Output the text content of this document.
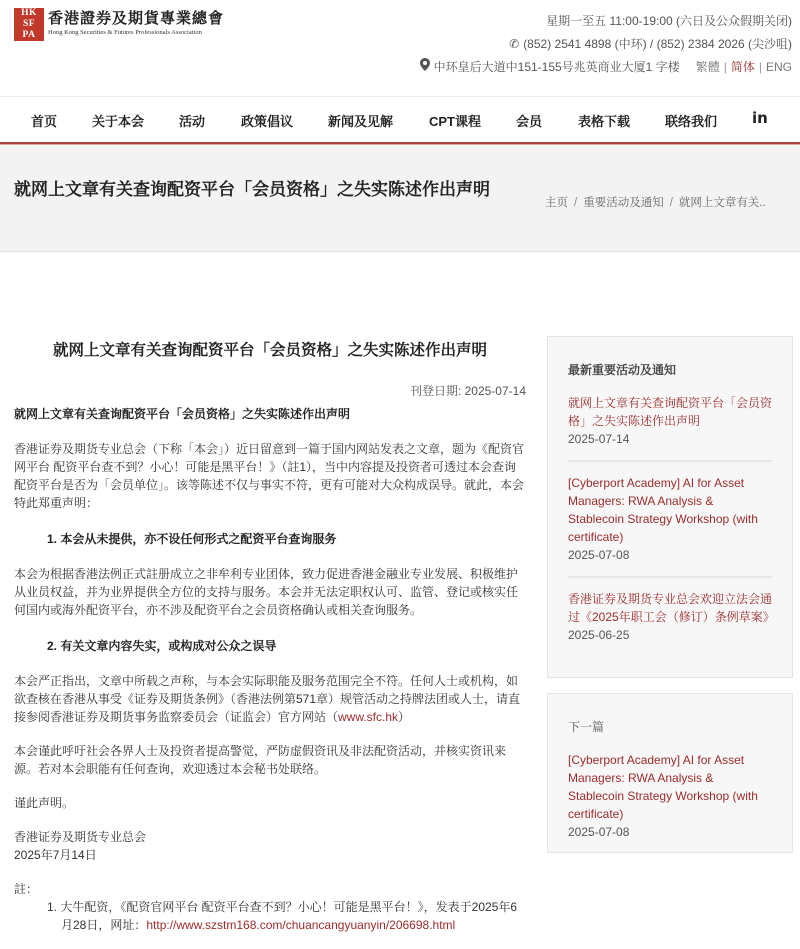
HK
SF
PA
香港證券及期貨專業總會
Hong Kong Securities & Futures Professionals Association
星期一至五 11:00-19:00 (六日及公众假期关闭)
✆ (852) 2541 4898 (中环) / (852) 2384 2026 (尖沙咀)
中环皇后大道中151-155号兆英商业大厦1 字楼 繁體 | 简体 | ENG
首页	关于本会	活动	政策倡议	新闻及见解	CPT课程	会员	表格下载	联络我们 in
就网上文章有关查询配资平台「会员资格」之失实陈述作出声明
主页 / 重要活动及通知 / 就网上文章有关..
就网上文章有关查询配资平台「会员资格」之失实陈述作出声明
刊登日期: 2025-07-14
就网上文章有关查询配资平台「会员资格」之失实陈述作出声明

香港证券及期货专业总会（下称「本会」）近日留意到一篇于国内网站发表之文章，题为《配资官网平台 配资平台查不到？小心！可能是黑平台！》（註1），当中内容提及投资者可透过本会查询配资平台是否为「会员单位」。该等陈述不仅与事实不符，更有可能对大众构成误导。就此，本会特此郑重声明：

1. 本会从未提供，亦不设任何形式之配资平台查询服务

本会为根据香港法例正式註册成立之非牟利专业团体，致力促进香港金融业专业发展、积极维护从业员权益，并为业界提供全方位的支持与服务。本会并无法定职权认可、监管、登记或核实任何国内或海外配资平台，亦不涉及配资平台之会员资格确认或相关查询服务。

2. 有关文章内容失实，或构成对公众之误导

本会严正指出，文章中所载之声称，与本会实际职能及服务范围完全不符。任何人士或机构，如欲查核在香港从事受《证券及期货条例》（香港法例第571章）规管活动之持牌法团或人士，请直接参阅香港证券及期货事务监察委员会（证监会）官方网站（www.sfc.hk）

本会谨此呼吁社会各界人士及投资者提高警觉，严防虚假资讯及非法配资活动，并核实资讯来源。若对本会职能有任何查询，欢迎透过本会秘书处联络。

谨此声明。

香港证券及期货专业总会
2025年7月14日
註：
1. 大牛配资，《配资官网平台 配资平台查不到？小心！可能是黑平台！》，发表于2025年6月28日，网址：http://www.szstm168.com/chuancangyuanyin/206698.html
最新重要活动及通知
就网上文章有关查询配资平台「会员资格」之失实陈述作出声明
2025-07-14
[Cyberport Academy] AI for Asset Managers: RWA Analysis & Stablecoin Strategy Workshop (with certificate)
2025-07-08
香港证券及期货专业总会欢迎立法会通过《2025年职工会（修订）条例草案》
2025-06-25
下一篇
[Cyberport Academy] AI for Asset Managers: RWA Analysis & Stablecoin Strategy Workshop (with certificate)
2025-07-08
